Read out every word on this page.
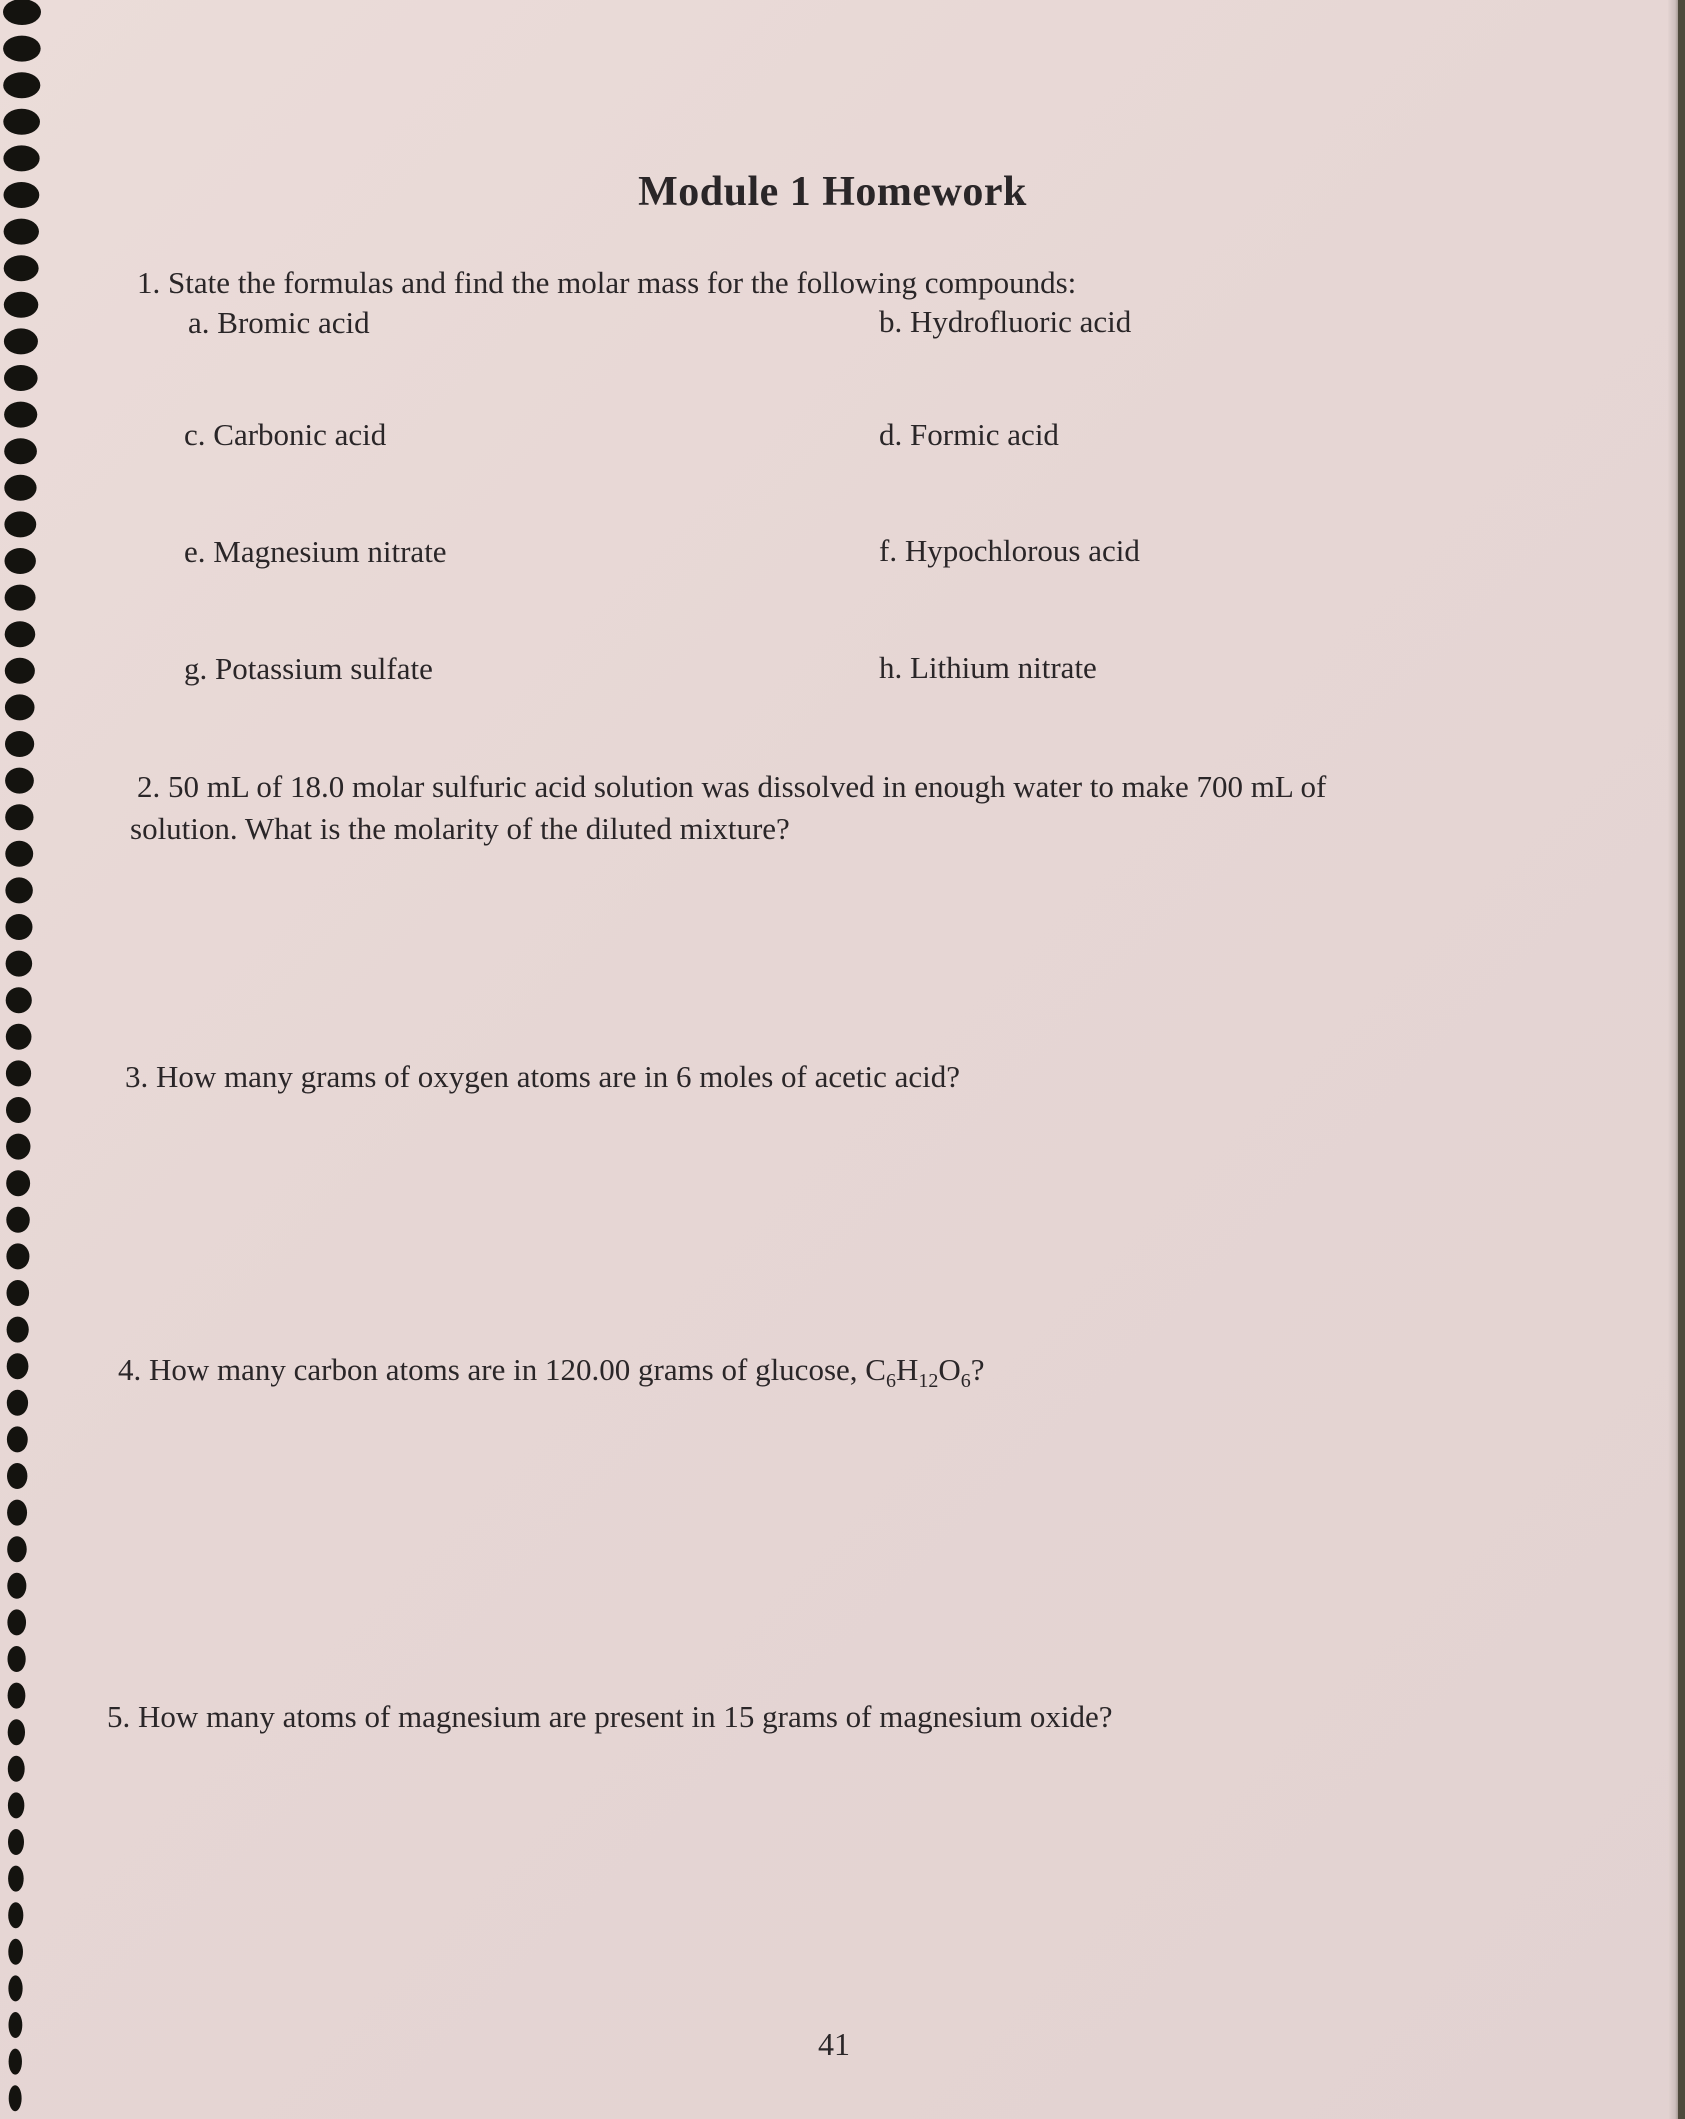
Module 1 Homework
1. State the formulas and find the molar mass for the following compounds:
a. Bromic acid	b. Hydrofluoric acid
c. Carbonic acid	d. Formic acid
e. Magnesium nitrate	f. Hypochlorous acid
g. Potassium sulfate	h. Lithium nitrate
2. 50 mL of 18.0 molar sulfuric acid solution was dissolved in enough water to make 700 mL of
solution. What is the molarity of the diluted mixture?
3. How many grams of oxygen atoms are in 6 moles of acetic acid?
4. How many carbon atoms are in 120.00 grams of glucose, $C_6H_{12}O_6$?
5. How many atoms of magnesium are present in 15 grams of magnesium oxide?
41
